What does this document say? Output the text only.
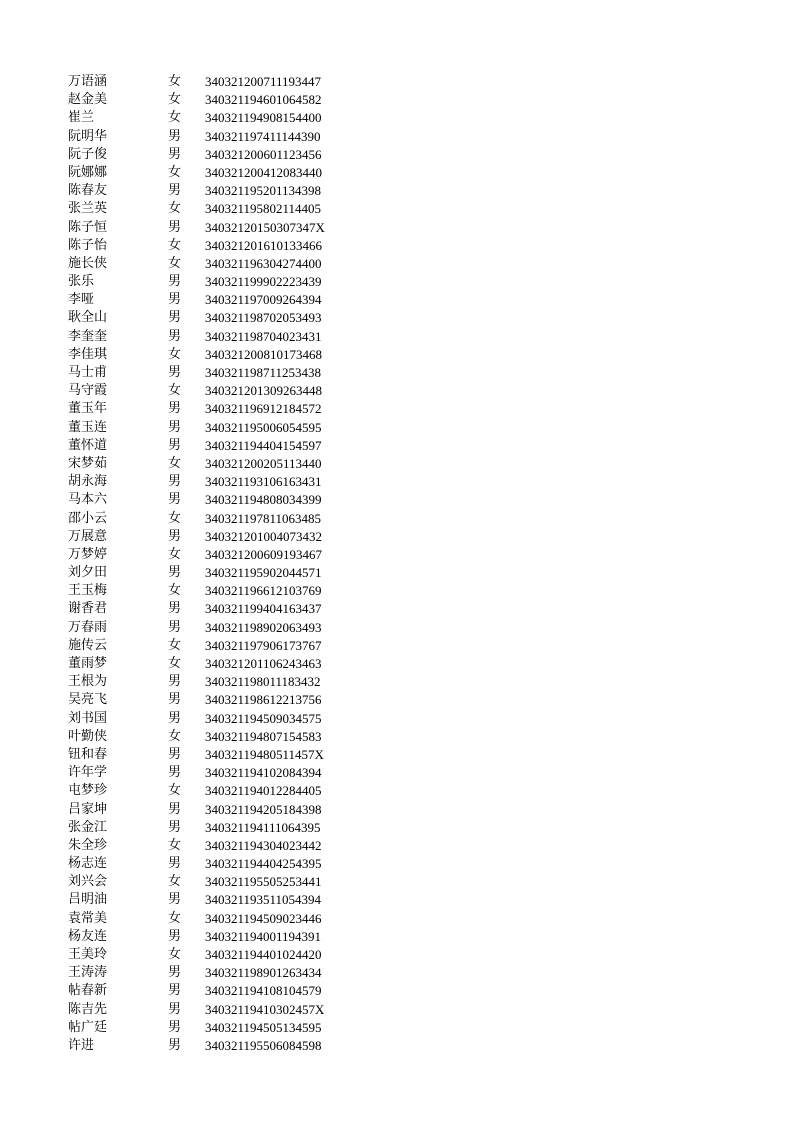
万语涵	女 340321200711193447
赵金美	女 340321194601064582
崔兰	女 340321194908154400
阮明华	男 340321197411144390
阮子俊	男 340321200601123456
阮娜娜	女 340321200412083440
陈春友	男 340321195201134398
张兰英	女 340321195802114405
陈子恒	男 34032120150307347X
陈子怡	女 340321201610133466
施长侠	女 340321196304274400
张乐	男 340321199902223439
李哑	男 340321197009264394
耿全山	男 340321198702053493
李奎奎	男 340321198704023431
李佳琪	女 340321200810173468
马士甫	男 340321198711253438
马守霞	女 340321201309263448
董玉年	男 340321196912184572
董玉连	男 340321195006054595
董怀道	男 340321194404154597
宋梦茹	女 340321200205113440
胡永海	男 340321193106163431
马本六	男 340321194808034399
邵小云	女 340321197811063485
万展意	男 340321201004073432
万梦婷	女 340321200609193467
刘夕田	男 340321195902044571
王玉梅	女 340321196612103769
谢香君	男 340321199404163437
万春雨	男 340321198902063493
施传云	女 340321197906173767
董雨梦	女 340321201106243463
王根为	男 340321198011183432
吴亮飞	男 340321198612213756
刘书国	男 340321194509034575
叶勤侠	女 340321194807154583
钮和春	男 34032119480511457X
许年学	男 340321194102084394
屯梦珍	女 340321194012284405
吕家坤	男 340321194205184398
张金江	男 340321194111064395
朱全珍	女 340321194304023442
杨志连	男 340321194404254395
刘兴会	女 340321195505253441
吕明油	男 340321193511054394
袁常美	女 340321194509023446
杨友连	男 340321194001194391
王美玲	女 340321194401024420
王涛涛	男 340321198901263434
帖春新	男 340321194108104579
陈吉先	男 34032119410302457X
帖广廷	男 340321194505134595
许进	男 340321195506084598
